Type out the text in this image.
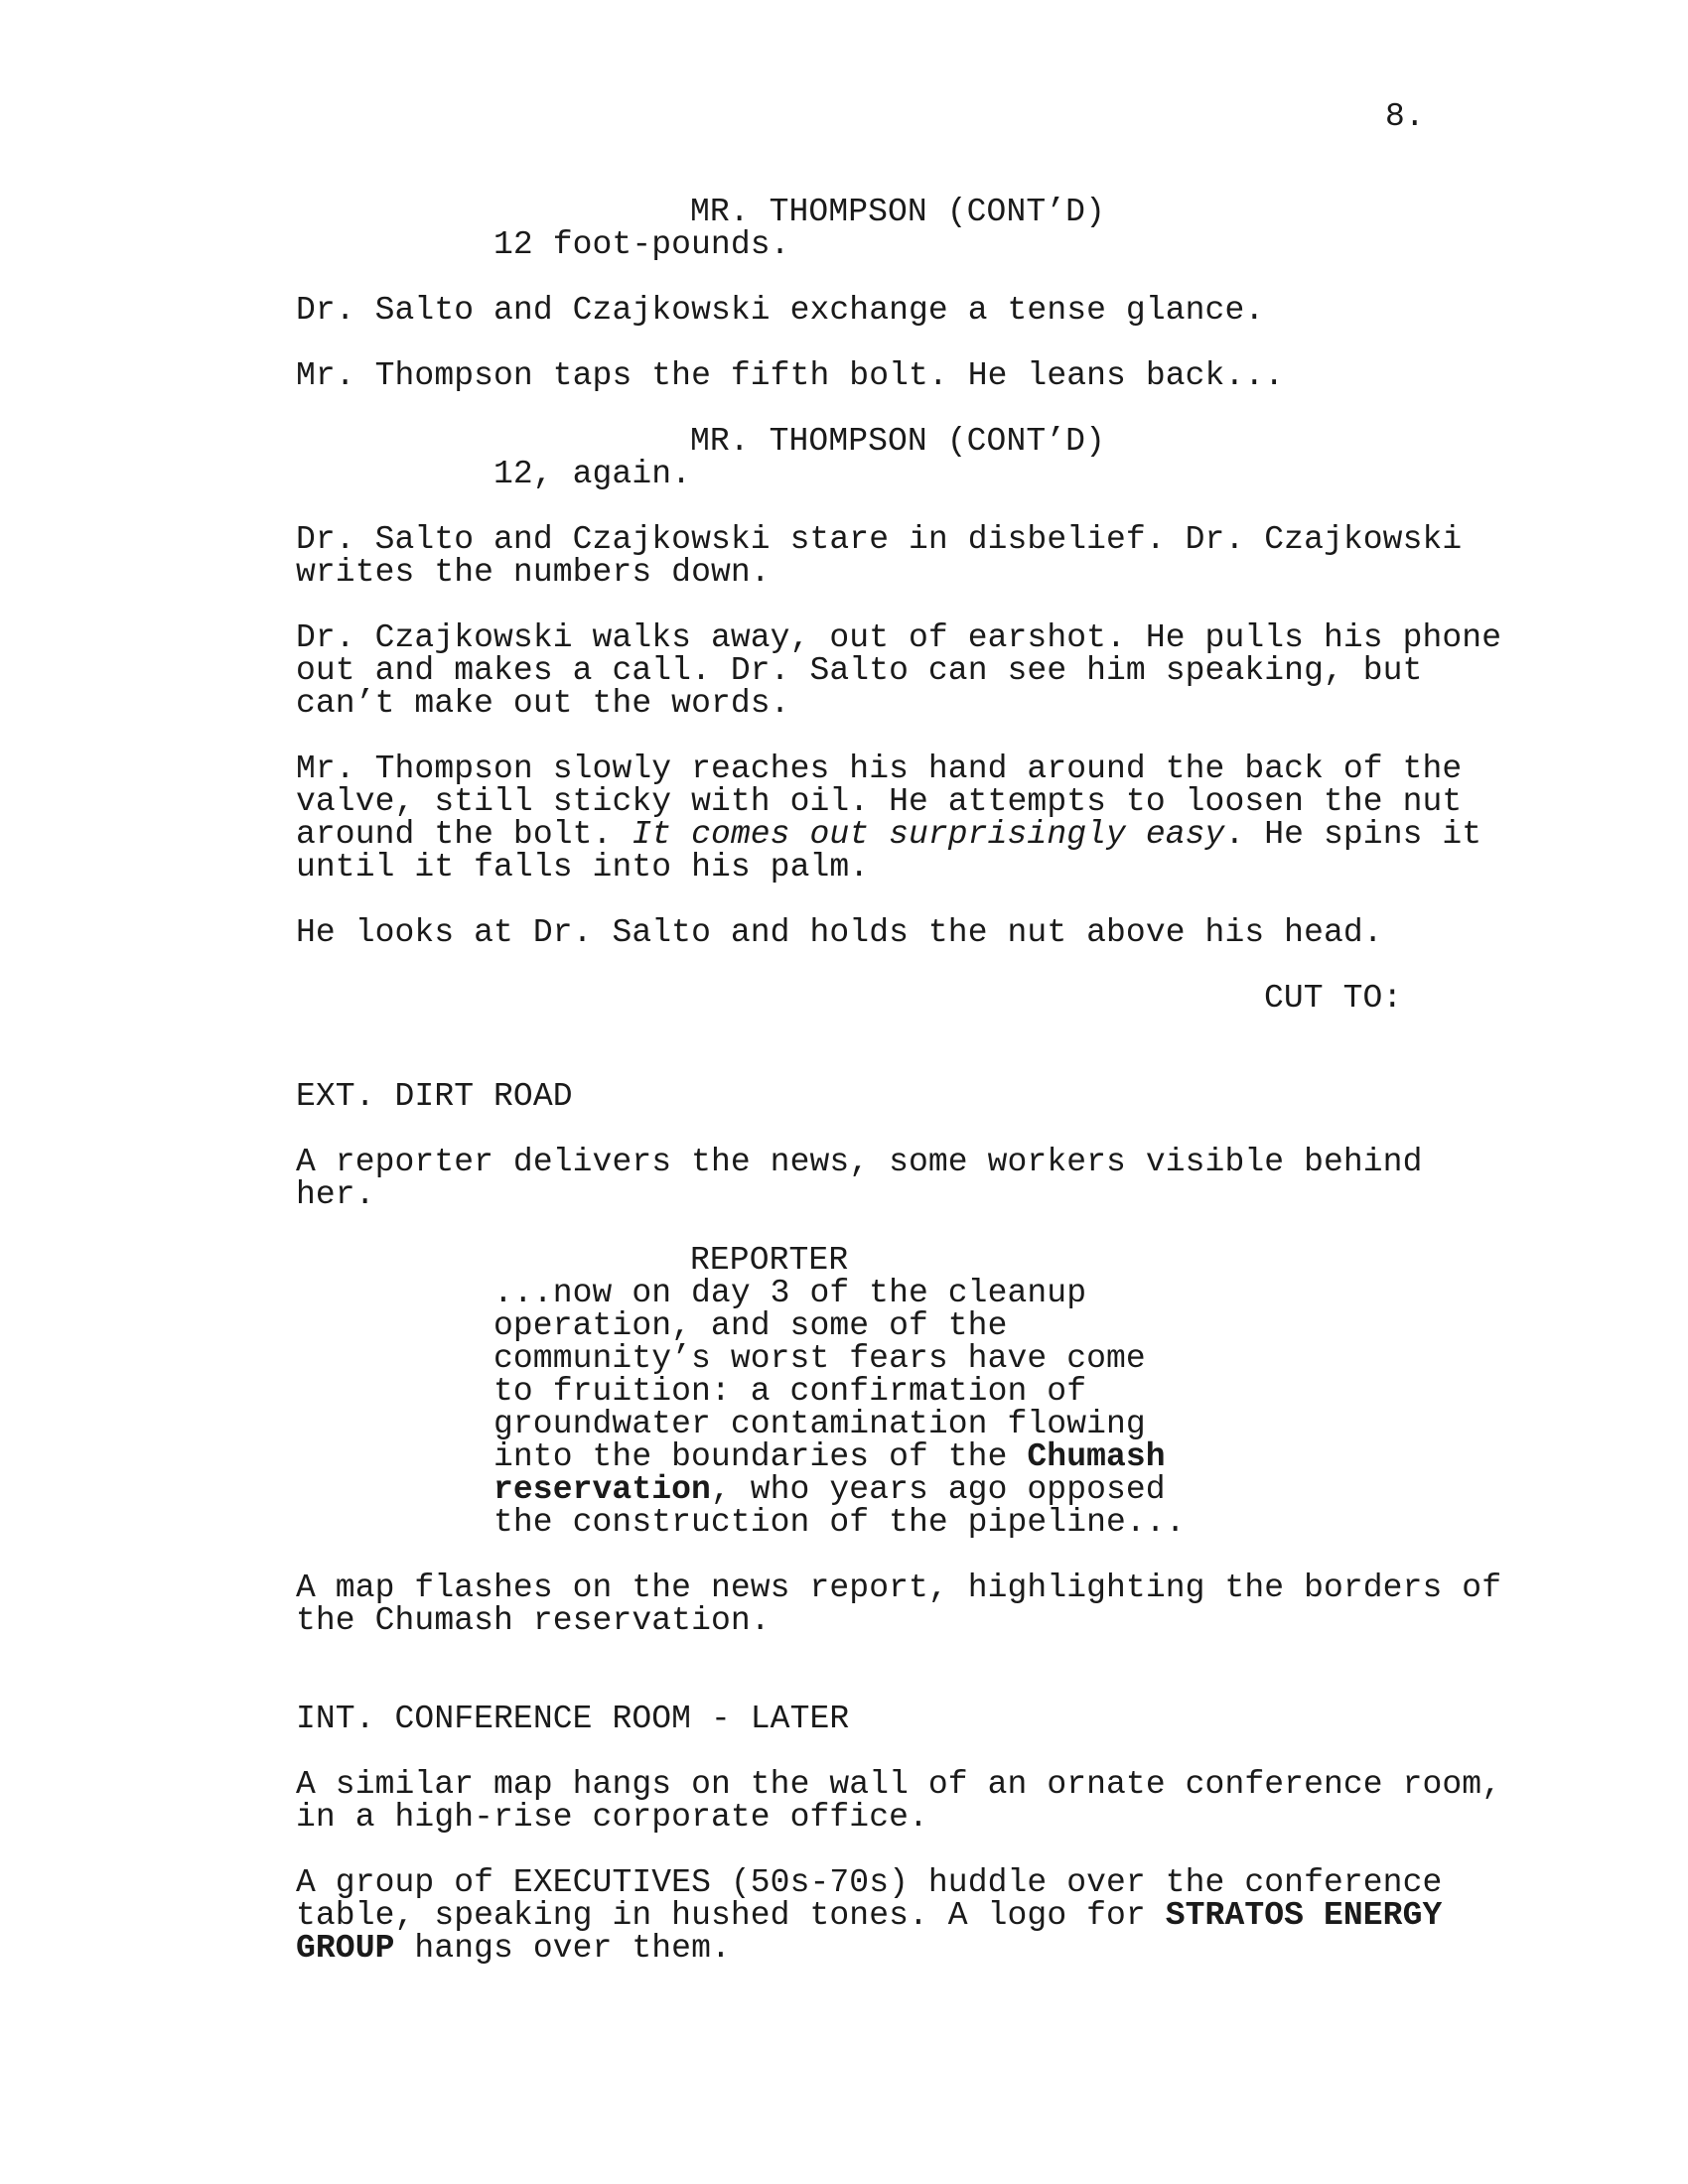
8.
MR. THOMPSON (CONT’D)
12 foot-pounds.
Dr. Salto and Czajkowski exchange a tense glance.
Mr. Thompson taps the fifth bolt. He leans back...
MR. THOMPSON (CONT’D)
12, again.
Dr. Salto and Czajkowski stare in disbelief. Dr. Czajkowski
writes the numbers down.
Dr. Czajkowski walks away, out of earshot. He pulls his phone
out and makes a call. Dr. Salto can see him speaking, but
can’t make out the words.
Mr. Thompson slowly reaches his hand around the back of the
valve, still sticky with oil. He attempts to loosen the nut
around the bolt. It comes out surprisingly easy. He spins it
until it falls into his palm.
He looks at Dr. Salto and holds the nut above his head.
CUT TO:
EXT. DIRT ROAD
A reporter delivers the news, some workers visible behind
her.
REPORTER
...now on day 3 of the cleanup
operation, and some of the
community’s worst fears have come
to fruition: a confirmation of
groundwater contamination flowing
into the boundaries of the Chumash
reservation, who years ago opposed
the construction of the pipeline...
A map flashes on the news report, highlighting the borders of
the Chumash reservation.
INT. CONFERENCE ROOM - LATER
A similar map hangs on the wall of an ornate conference room,
in a high-rise corporate office.
A group of EXECUTIVES (50s-70s) huddle over the conference
table, speaking in hushed tones. A logo for STRATOS ENERGY
GROUP hangs over them.
